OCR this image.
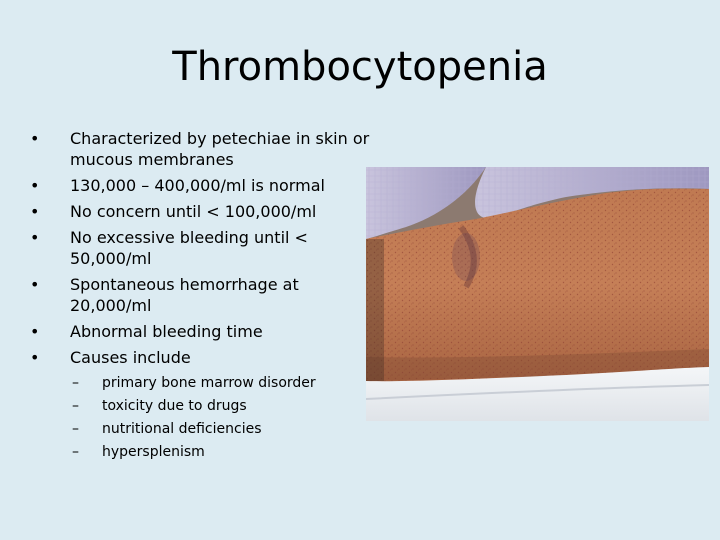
Thrombocytopenia
•	Characterized by petechiae in skin or mucous membranes
•	130,000 – 400,000/ml is normal
•	No concern until < 100,000/ml
•	No excessive bleeding until < 50,000/ml
•	Spontaneous hemorrhage at 20,000/ml
•	Abnormal bleeding time
•	Causes include
– primary bone marrow disorder
– toxicity due to drugs
– nutritional deficiencies
– hypersplenism
